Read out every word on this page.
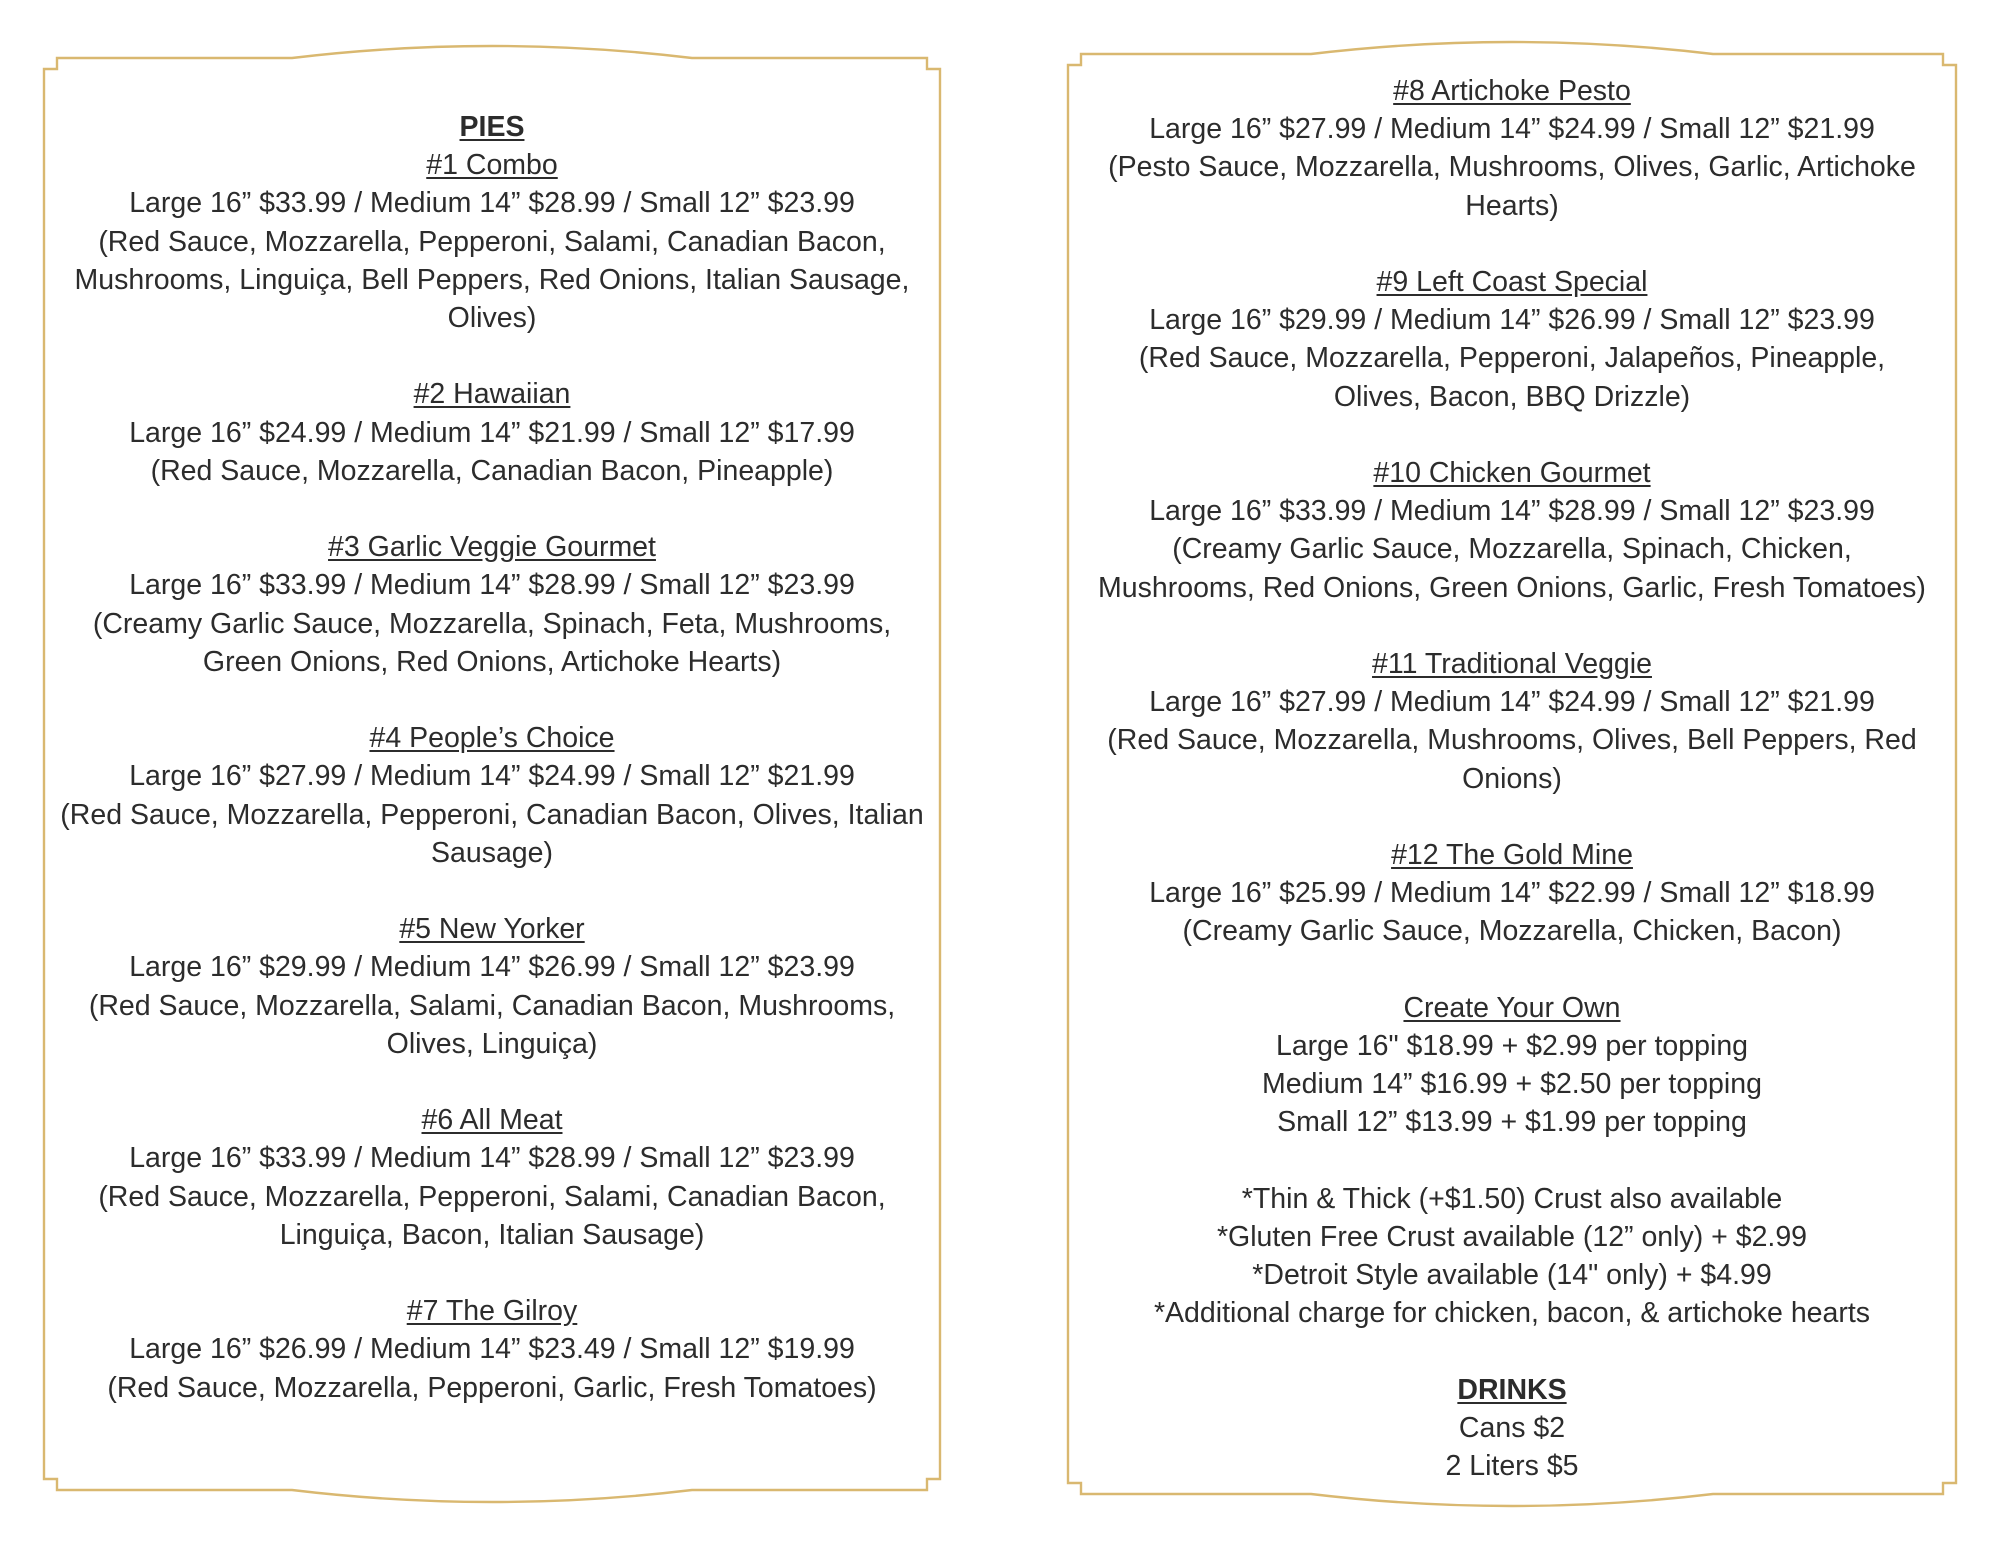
PIES
#1 Combo
Large 16” $33.99 / Medium 14” $28.99 / Small 12” $23.99
(Red Sauce, Mozzarella, Pepperoni, Salami, Canadian Bacon, Mushrooms, Linguiça, Bell Peppers, Red Onions, Italian Sausage, Olives)
#2 Hawaiian
Large 16” $24.99 / Medium 14” $21.99 / Small 12” $17.99
(Red Sauce, Mozzarella, Canadian Bacon, Pineapple)
#3 Garlic Veggie Gourmet
Large 16” $33.99 / Medium 14” $28.99 / Small 12” $23.99
(Creamy Garlic Sauce, Mozzarella, Spinach, Feta, Mushrooms, Green Onions, Red Onions, Artichoke Hearts)
#4 People’s Choice
Large 16” $27.99 / Medium 14” $24.99 / Small 12” $21.99
(Red Sauce, Mozzarella, Pepperoni, Canadian Bacon, Olives, Italian Sausage)
#5 New Yorker
Large 16” $29.99 / Medium 14” $26.99 / Small 12” $23.99
(Red Sauce, Mozzarella, Salami, Canadian Bacon, Mushrooms, Olives, Linguiça)
#6 All Meat
Large 16” $33.99 / Medium 14” $28.99 / Small 12” $23.99
(Red Sauce, Mozzarella, Pepperoni, Salami, Canadian Bacon, Linguiça, Bacon, Italian Sausage)
#7 The Gilroy
Large 16” $26.99 / Medium 14” $23.49 / Small 12” $19.99
(Red Sauce, Mozzarella, Pepperoni, Garlic, Fresh Tomatoes)
#8 Artichoke Pesto
Large 16” $27.99 / Medium 14” $24.99 / Small 12” $21.99
(Pesto Sauce, Mozzarella, Mushrooms, Olives, Garlic, Artichoke Hearts)
#9 Left Coast Special
Large 16” $29.99 / Medium 14” $26.99 / Small 12” $23.99
(Red Sauce, Mozzarella, Pepperoni, Jalapeños, Pineapple, Olives, Bacon, BBQ Drizzle)
#10 Chicken Gourmet
Large 16” $33.99 / Medium 14” $28.99 / Small 12” $23.99
(Creamy Garlic Sauce, Mozzarella, Spinach, Chicken, Mushrooms, Red Onions, Green Onions, Garlic, Fresh Tomatoes)
#11 Traditional Veggie
Large 16” $27.99 / Medium 14” $24.99 / Small 12” $21.99
(Red Sauce, Mozzarella, Mushrooms, Olives, Bell Peppers, Red Onions)
#12 The Gold Mine
Large 16” $25.99 / Medium 14” $22.99 / Small 12” $18.99
(Creamy Garlic Sauce, Mozzarella, Chicken, Bacon)
Create Your Own
Large 16" $18.99 + $2.99 per topping
Medium 14” $16.99 + $2.50 per topping
Small 12” $13.99 + $1.99 per topping
*Thin & Thick (+$1.50) Crust also available
*Gluten Free Crust available (12” only) + $2.99
*Detroit Style available (14" only) + $4.99
*Additional charge for chicken, bacon, & artichoke hearts
DRINKS
Cans $2
2 Liters $5
